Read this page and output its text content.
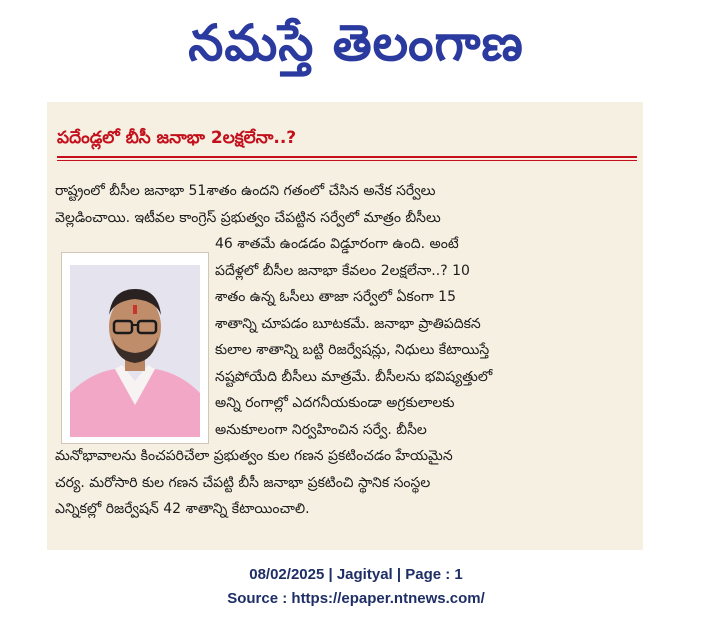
నమస్తే తెలంగాణ
పదేండ్లలో బీసీ జనాభా 2లక్షలేనా..?
రాష్ట్రంలో బీసీల జనాభా 51శాతం ఉందని గతంలో చేసిన అనేక సర్వేలు
వెల్లడించాయి. ఇటీవల కాంగ్రెస్ ప్రభుత్వం చేపట్టిన సర్వేలో మాత్రం బీసీలు
46 శాతమే ఉండడం విడ్డూరంగా ఉంది. అంటే
పదేళ్లలో బీసీల జనాభా కేవలం 2లక్షలేనా..? 10
శాతం ఉన్న ఓసీలు తాజా సర్వేలో ఏకంగా 15
శాతాన్ని చూపడం బూటకమే. జనాభా ప్రాతిపదికన
కులాల శాతాన్ని బట్టి రిజర్వేషన్లు, నిధులు కేటాయిస్తే
నష్టపోయేది బీసీలు మాత్రమే. బీసీలను భవిష్యత్తులో
అన్ని రంగాల్లో ఎదగనీయకుండా అగ్రకులాలకు
అనుకూలంగా నిర్వహించిన సర్వే. బీసీల
మనోభావాలను కించపరిచేలా ప్రభుత్వం కుల గణన ప్రకటించడం హేయమైన
చర్య. మరోసారి కుల గణన చేపట్టి బీసీ జనాభా ప్రకటించి స్థానిక సంస్థల
ఎన్నికల్లో రిజర్వేషన్ 42 శాతాన్ని కేటాయించాలి.
08/02/2025 | Jagityal | Page : 1
Source : https://epaper.ntnews.com/
